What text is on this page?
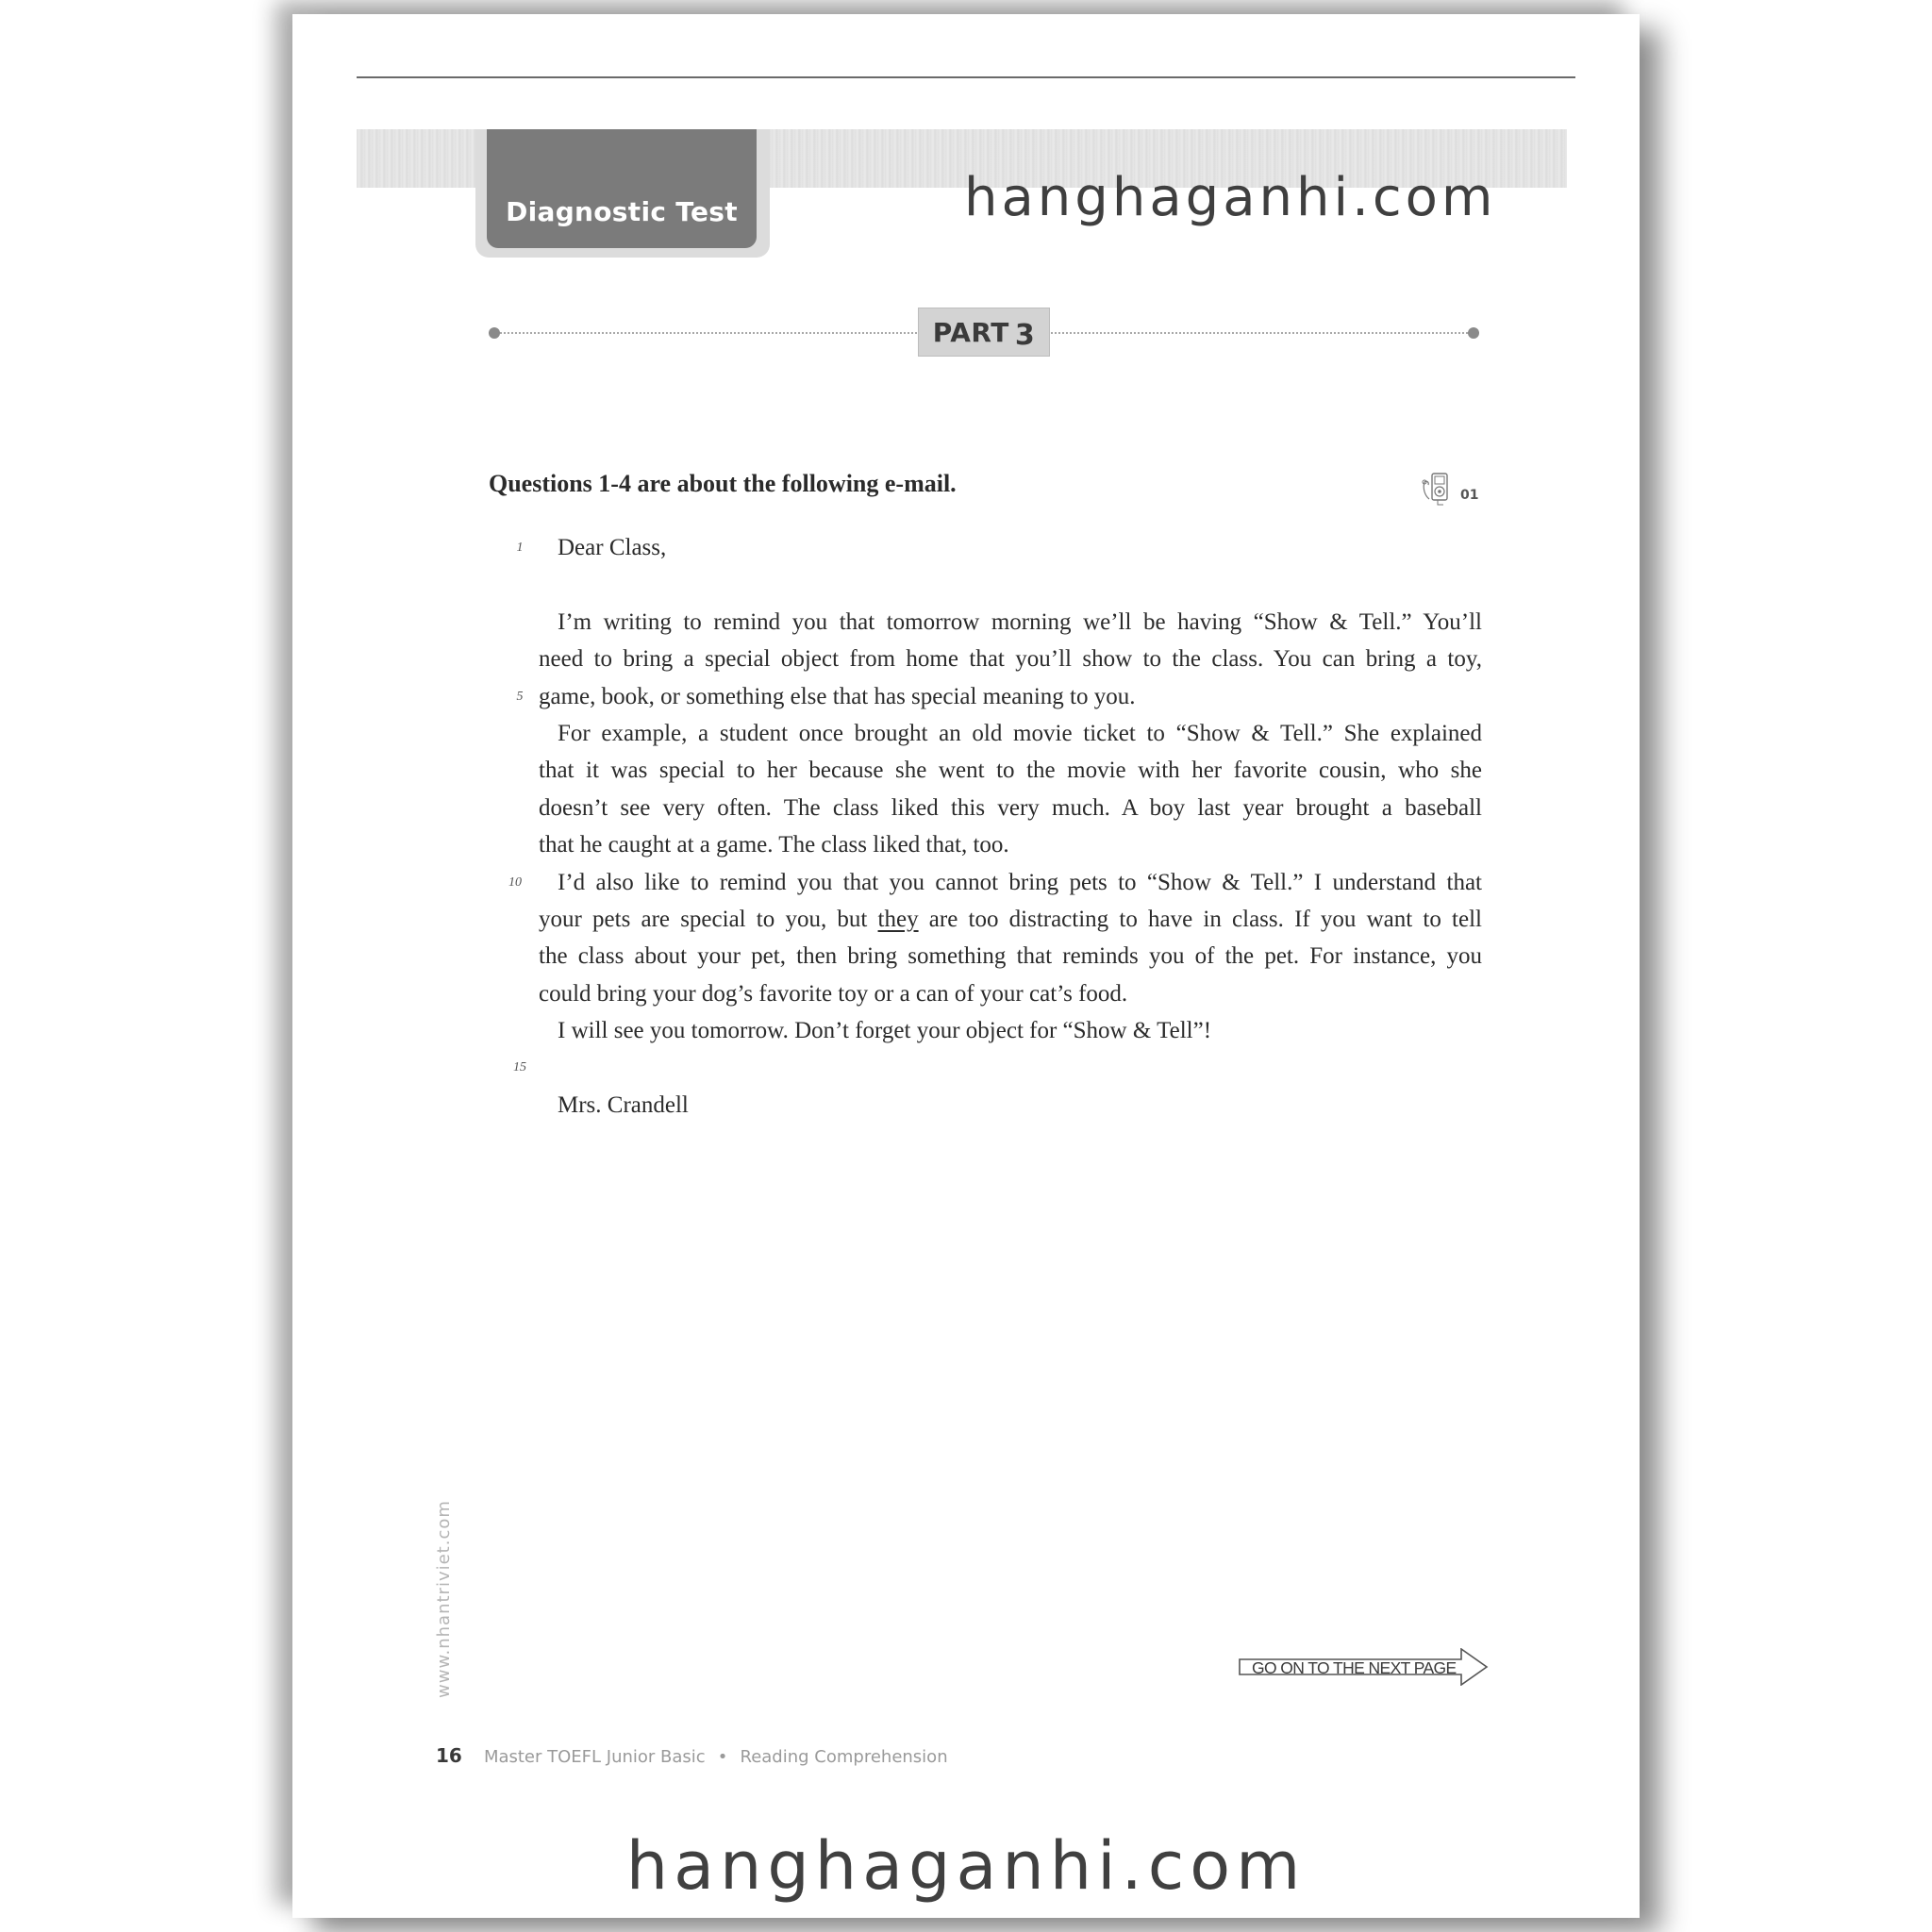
Diagnostic Test	hanghaganhi.com
PART 3
Questions 1-4 are about the following e-mail.	01
1	Dear Class,
I’m writing to remind you that tomorrow morning we’ll be having “Show & Tell.” You’ll
need to bring a special object from home that you’ll show to the class. You can bring a toy,
5 game, book, or something else that has special meaning to you.
For example, a student once brought an old movie ticket to “Show & Tell.” She explained
that it was special to her because she went to the movie with her favorite cousin, who she
doesn’t see very often. The class liked this very much. A boy last year brought a baseball
that he caught at a game. The class liked that, too.
10	I’d also like to remind you that you cannot bring pets to “Show & Tell.” I understand that
your pets are special to you, but they are too distracting to have in class. If you want to tell
the class about your pet, then bring something that reminds you of the pet. For instance, you
could bring your dog’s favorite toy or a can of your cat’s food.
I will see you tomorrow. Don’t forget your object for “Show & Tell”!
15
Mrs. Crandell
GO ON TO THE NEXT PAGE
www.nhantriviet.com
16 Master TOEFL Junior Basic • Reading Comprehension
hanghaganhi.com
